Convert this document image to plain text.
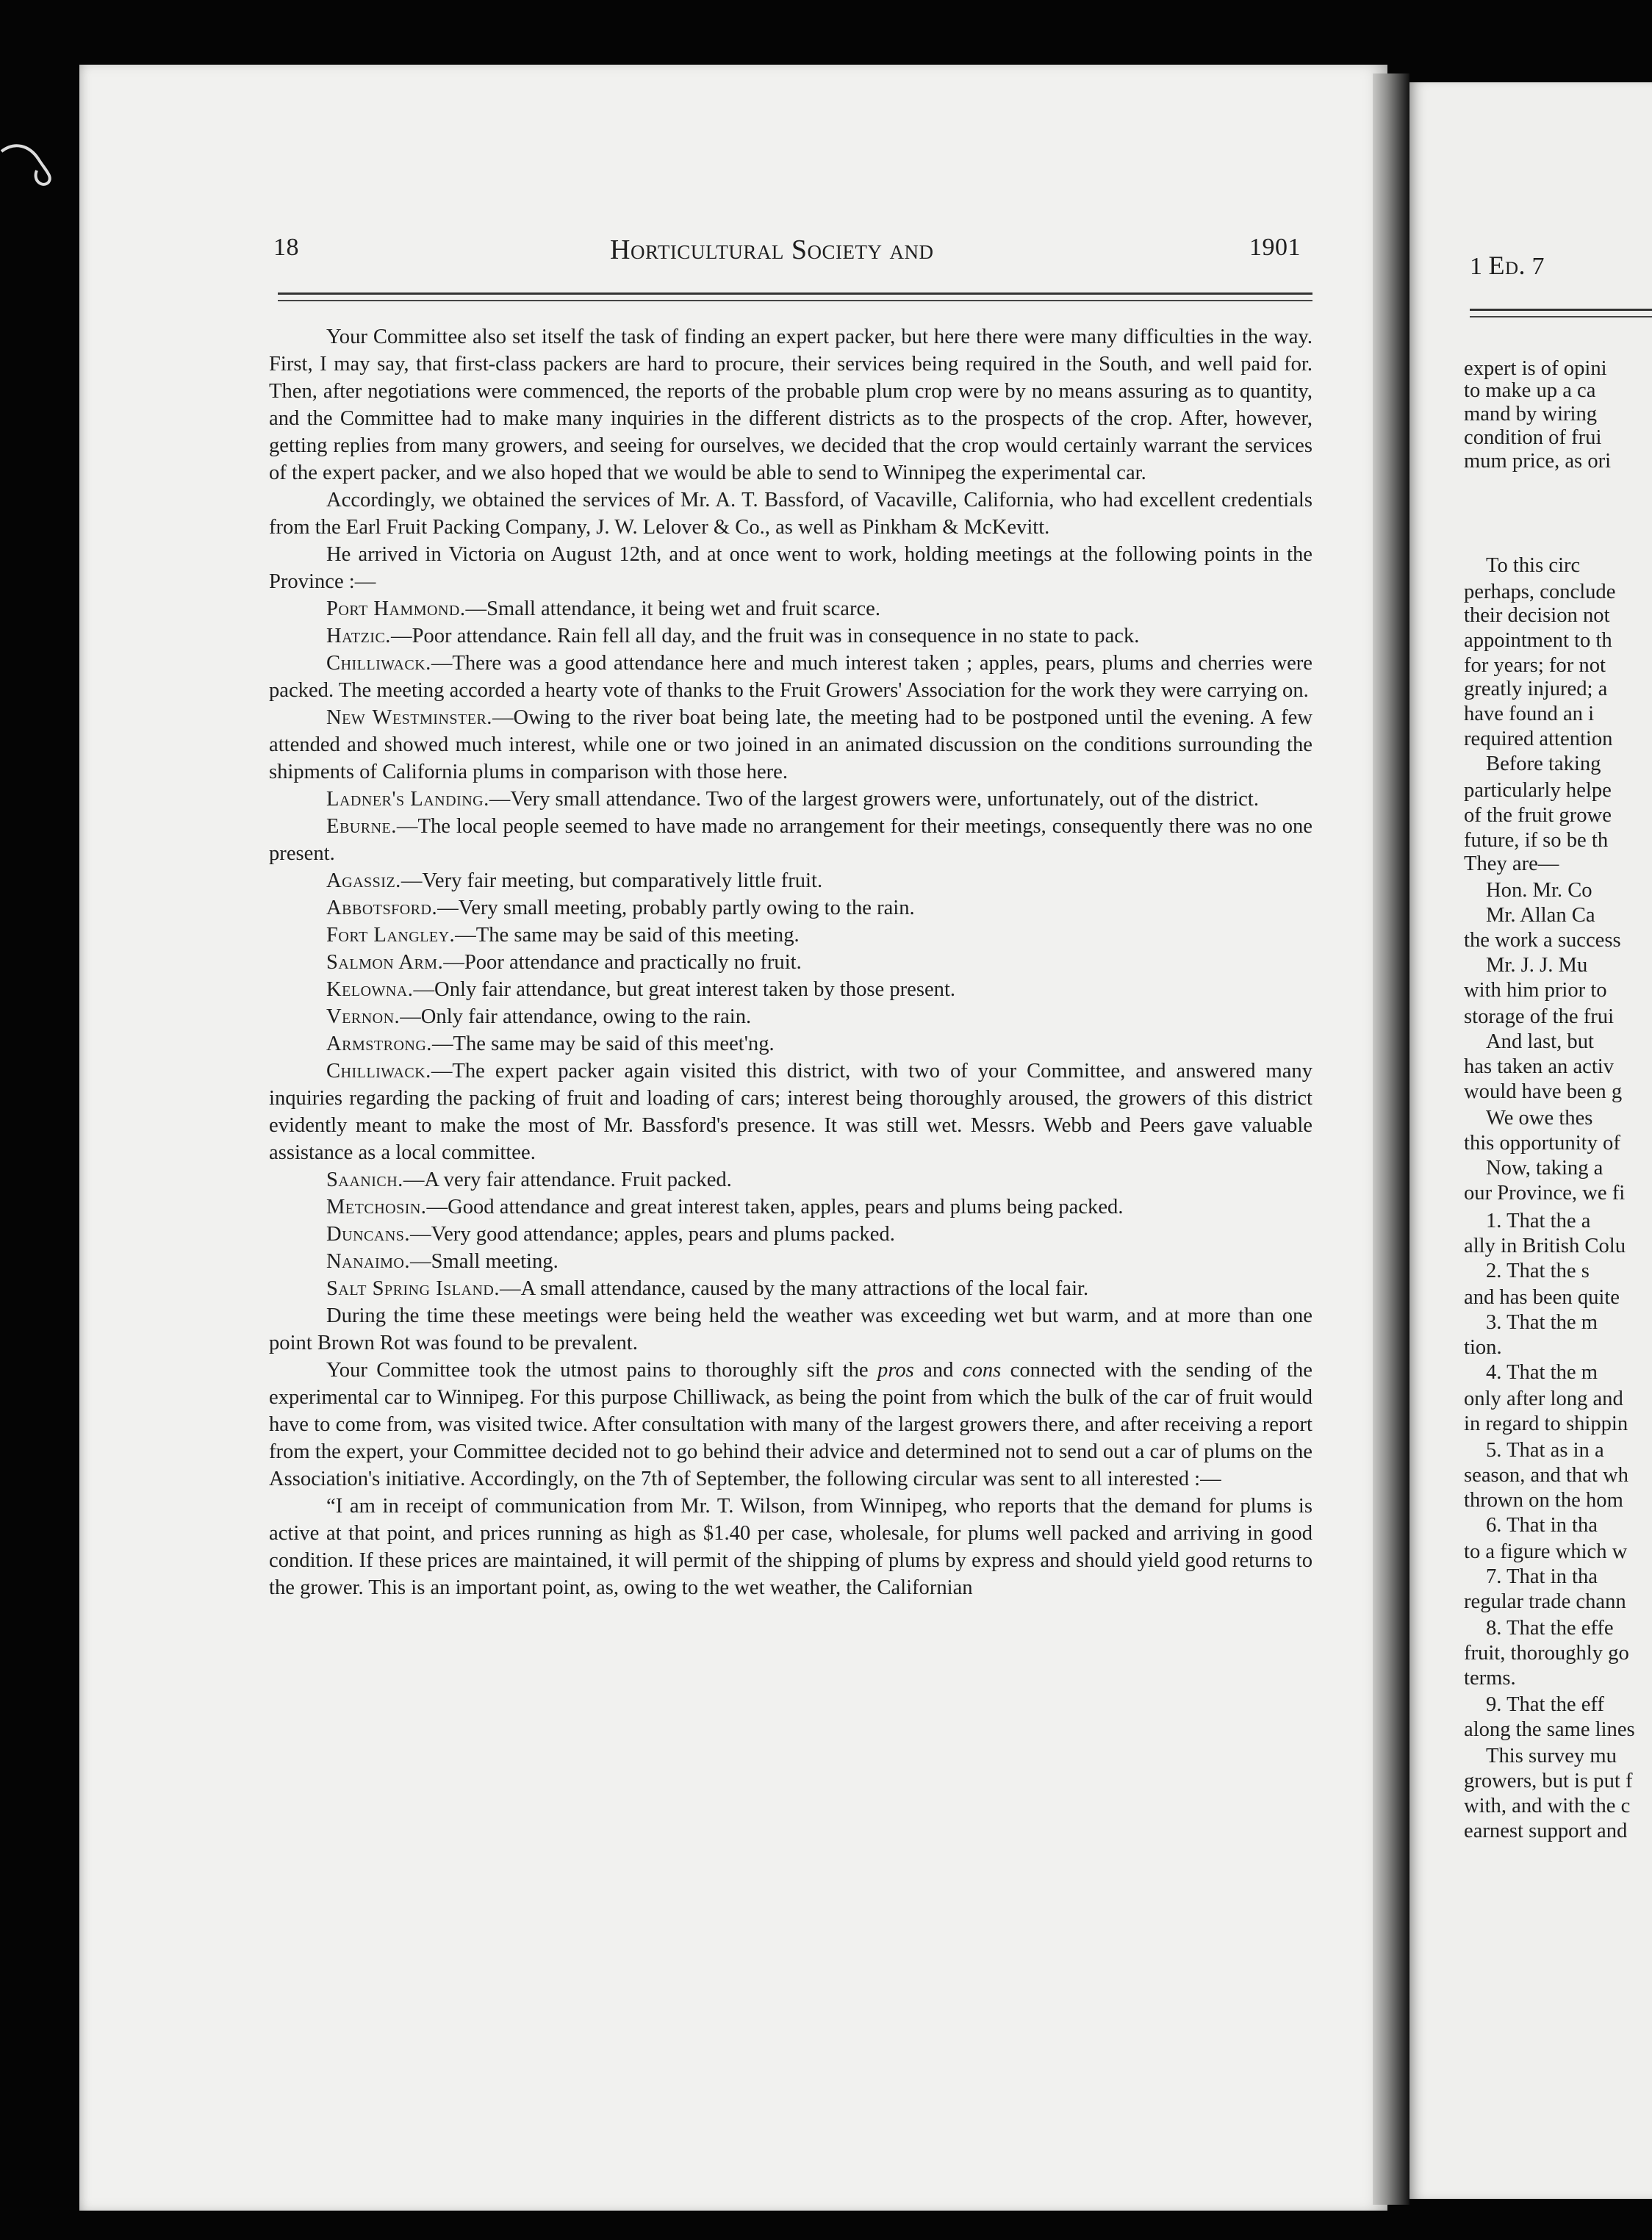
18	Horticultural Society and	1901

Your Committee also set itself the task of finding an expert packer, but here there were many difficulties in the way. First, I may say, that first-class packers are hard to procure, their services being required in the South, and well paid for. Then, after negotiations were commenced, the reports of the probable plum crop were by no means assuring as to quantity, and the Committee had to make many inquiries in the different districts as to the prospects of the crop. After, however, getting replies from many growers, and seeing for ourselves, we decided that the crop would certainly warrant the services of the expert packer, and we also hoped that we would be able to send to Winnipeg the experimental car.

Accordingly, we obtained the services of Mr. A. T. Bassford, of Vacaville, California, who had excellent credentials from the Earl Fruit Packing Company, J. W. Lelover & Co., as well as Pinkham & McKevitt.

He arrived in Victoria on August 12th, and at once went to work, holding meetings at the following points in the Province :—

Port Hammond.—Small attendance, it being wet and fruit scarce.

Hatzic.—Poor attendance. Rain fell all day, and the fruit was in consequence in no state to pack.

Chilliwack.—There was a good attendance here and much interest taken ; apples, pears, plums and cherries were packed. The meeting accorded a hearty vote of thanks to the Fruit Growers' Association for the work they were carrying on.

New Westminster.—Owing to the river boat being late, the meeting had to be postponed until the evening. A few attended and showed much interest, while one or two joined in an animated discussion on the conditions surrounding the shipments of California plums in comparison with those here.

Ladner's Landing.—Very small attendance. Two of the largest growers were, unfortunately, out of the district.

Eburne.—The local people seemed to have made no arrangement for their meetings, consequently there was no one present.

Agassiz.—Very fair meeting, but comparatively little fruit.

Abbotsford.—Very small meeting, probably partly owing to the rain.

Fort Langley.—The same may be said of this meeting.

Salmon Arm.—Poor attendance and practically no fruit.

Kelowna.—Only fair attendance, but great interest taken by those present.

Vernon.—Only fair attendance, owing to the rain.

Armstrong.—The same may be said of this meet'ng.

Chilliwack.—The expert packer again visited this district, with two of your Committee, and answered many inquiries regarding the packing of fruit and loading of cars; interest being thoroughly aroused, the growers of this district evidently meant to make the most of Mr. Bassford's presence. It was still wet. Messrs. Webb and Peers gave valuable assistance as a local committee.

Saanich.—A very fair attendance. Fruit packed.

Metchosin.—Good attendance and great interest taken, apples, pears and plums being packed.

Duncans.—Very good attendance; apples, pears and plums packed.

Nanaimo.—Small meeting.

Salt Spring Island.—A small attendance, caused by the many attractions of the local fair.

During the time these meetings were being held the weather was exceeding wet but warm, and at more than one point Brown Rot was found to be prevalent.

Your Committee took the utmost pains to thoroughly sift the pros and cons connected with the sending of the experimental car to Winnipeg. For this purpose Chilliwack, as being the point from which the bulk of the car of fruit would have to come from, was visited twice. After consultation with many of the largest growers there, and after receiving a report from the expert, your Committee decided not to go behind their advice and determined not to send out a car of plums on the Association's initiative. Accordingly, on the 7th of September, the following circular was sent to all interested :—

“I am in receipt of communication from Mr. T. Wilson, from Winnipeg, who reports that the demand for plums is active at that point, and prices running as high as $1.40 per case, wholesale, for plums well packed and arriving in good condition. If these prices are maintained, it will permit of the shipping of plums by express and should yield good returns to the grower. This is an important point, as, owing to the wet weather, the Californian

1 Ed. 7
expert is of opini
to make up a ca
mand by wiring
condition of frui
mum price, as ori
To this circ
perhaps, conclude
their decision not
appointment to th
for years; for not
greatly injured; a
have found an i
required attention
Before taking
particularly helpe
of the fruit growe
future, if so be th
They are—
Hon. Mr. Co
Mr. Allan Ca
the work a success
Mr. J. J. Mu
with him prior to
storage of the frui
And last, but
has taken an activ
would have been g
We owe thes
this opportunity of
Now, taking a
our Province, we fi
1. That the a
ally in British Colu
2. That the s
and has been quite
3. That the m
tion.
4. That the m
only after long and
in regard to shippin
5. That as in a
season, and that wh
thrown on the hom
6. That in tha
to a figure which w
7. That in tha
regular trade chann
8. That the effe
fruit, thoroughly go
terms.
9. That the eff
along the same lines
This survey mu
growers, but is put f
with, and with the c
earnest support and
